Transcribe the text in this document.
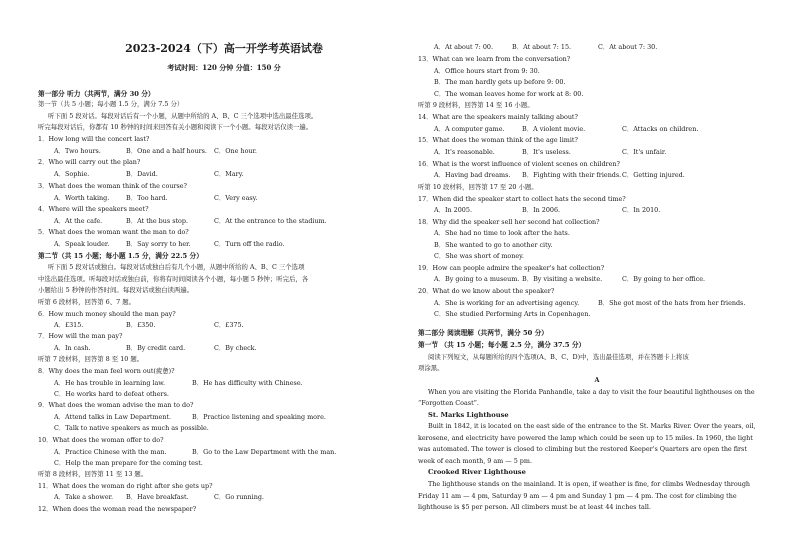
2023-2024（下）高一开学考英语试卷
考试时间：120 分钟 分值：150 分
第一部分 听力（共两节，满分 30 分）
第一节（共 5 小题；每小题 1.5 分，满分 7.5 分）
听下面 5 段对话。每段对话后有一个小题，从题中所给的 A、B、C 三个选项中选出最佳选项。
听完每段对话后，你都有 10 秒钟的时间来回答有关小题和阅读下一个小题。每段对话仅读一遍。
1．How long will the concert last?
A．Two hours.	B．One and a half hours. C．One hour.
2．Who will carry out the plan?
A．Sophie.	B．David.	C．Mary.
3．What does the woman think of the course?
A．Worth taking.	B．Too hard.	C．Very easy.
4．Where will the speakers meet?
A．At the cafe.	B．At the bus stop.	C．At the entrance to the stadium.
5．What does the woman want the man to do?
A．Speak louder.	B．Say sorry to her.	C．Turn off the radio.
第二节（共 15 小题；每小题 1.5 分，满分 22.5 分）
听下面 5 段对话或独白。每段对话或独白后有几个小题，从题中所给的 A、B、C 三个选项
中选出最佳选项。听每段对话或独白前，你将有时间阅读各个小题，每小题 5 秒钟；听完后，各
小题给出 5 秒钟的作答时间。每段对话或独白读两遍。
听第 6 段材料，回答第 6、7 题。
6．How much money should the man pay?
A．£315.	B．£350.	C．£375.
7．How will the man pay?
A．In cash.	B．By credit card.	C．By check.
听第 7 段材料，回答第 8 至 10 题。
8．Why does the man feel worn out(疲惫)?
A．He has trouble in learning law.	B．He has difficulty with Chinese.
C．He works hard to defeat others.
9．What does the woman advise the man to do?
A．Attend talks in Law Department.	B．Practice listening and speaking more.
C．Talk to native speakers as much as possible.
10．What does the woman offer to do?
A．Practice Chinese with the man.	B．Go to the Law Department with the man.
C．Help the man prepare for the coming test.
听第 8 段材料，回答第 11 至 13 题。
11．What does the woman do right after she gets up?
A．Take a shower. B．Have breakfast.	C．Go running.
12．When does the woman read the newspaper?
A．At about 7: 00.	B．At about 7: 15.	C．At about 7: 30.
13．What can we learn from the conversation?
A．Office hours start from 9: 30.
B．The man hardly gets up before 9: 00.
C．The woman leaves home for work at 8: 00.
听第 9 段材料，回答第 14 至 16 小题。
14．What are the speakers mainly talking about?
A．A computer game.	B．A violent movie.	C．Attacks on children.
15．What does the woman think of the age limit?
A．It's reasonable.	B．It's useless.	C．It's unfair.
16．What is the worst influence of violent scenes on children?
A．Having bad dreams. B．Fighting with their friends.C．Getting injured.
听第 10 段材料，回答第 17 至 20 小题。
17．When did the speaker start to collect hats the second time?
A．In 2005.	B．In 2006.	C．In 2010.
18．Why did the speaker sell her second hat collection?
A．She had no time to look after the hats.
B．She wanted to go to another city.
C．She was short of money.
19．How can people admire the speaker's hat collection?
A．By going to a museum. B．By visiting a website.	C．By going to her office.
20．What do we know about the speaker?
A．She is working for an advertising agency.	B．She got most of the hats from her friends.
C．She studied Performing Arts in Copenhagen.
第二部分 阅读理解（共两节，满分 50 分）
第一节 （共 15 小题；每小题 2.5 分，满分 37.5 分）
阅读下列短文，从每题所给的四个选项(A、B、C、D)中，选出最佳选项，并在答题卡上将该
项涂黑。
A
When you are visiting the Florida Panhandle, take a day to visit the four beautiful lighthouses on the
“Forgotten Coast”.
St. Marks Lighthouse
Built in 1842, it is located on the east side of the entrance to the St. Marks River. Over the years, oil,
kerosene, and electricity have powered the lamp which could be seen up to 15 miles. In 1960, the light
was automated. The tower is closed to climbing but the restored Keeper's Quarters are open the first
week of each month, 9 am — 5 pm.
Crooked River Lighthouse
The lighthouse stands on the mainland. It is open, if weather is fine, for climbs Wednesday through
Friday 11 am — 4 pm, Saturday 9 am — 4 pm and Sunday 1 pm — 4 pm. The cost for climbing the
lighthouse is $5 per person. All climbers must be at least 44 inches tall.
